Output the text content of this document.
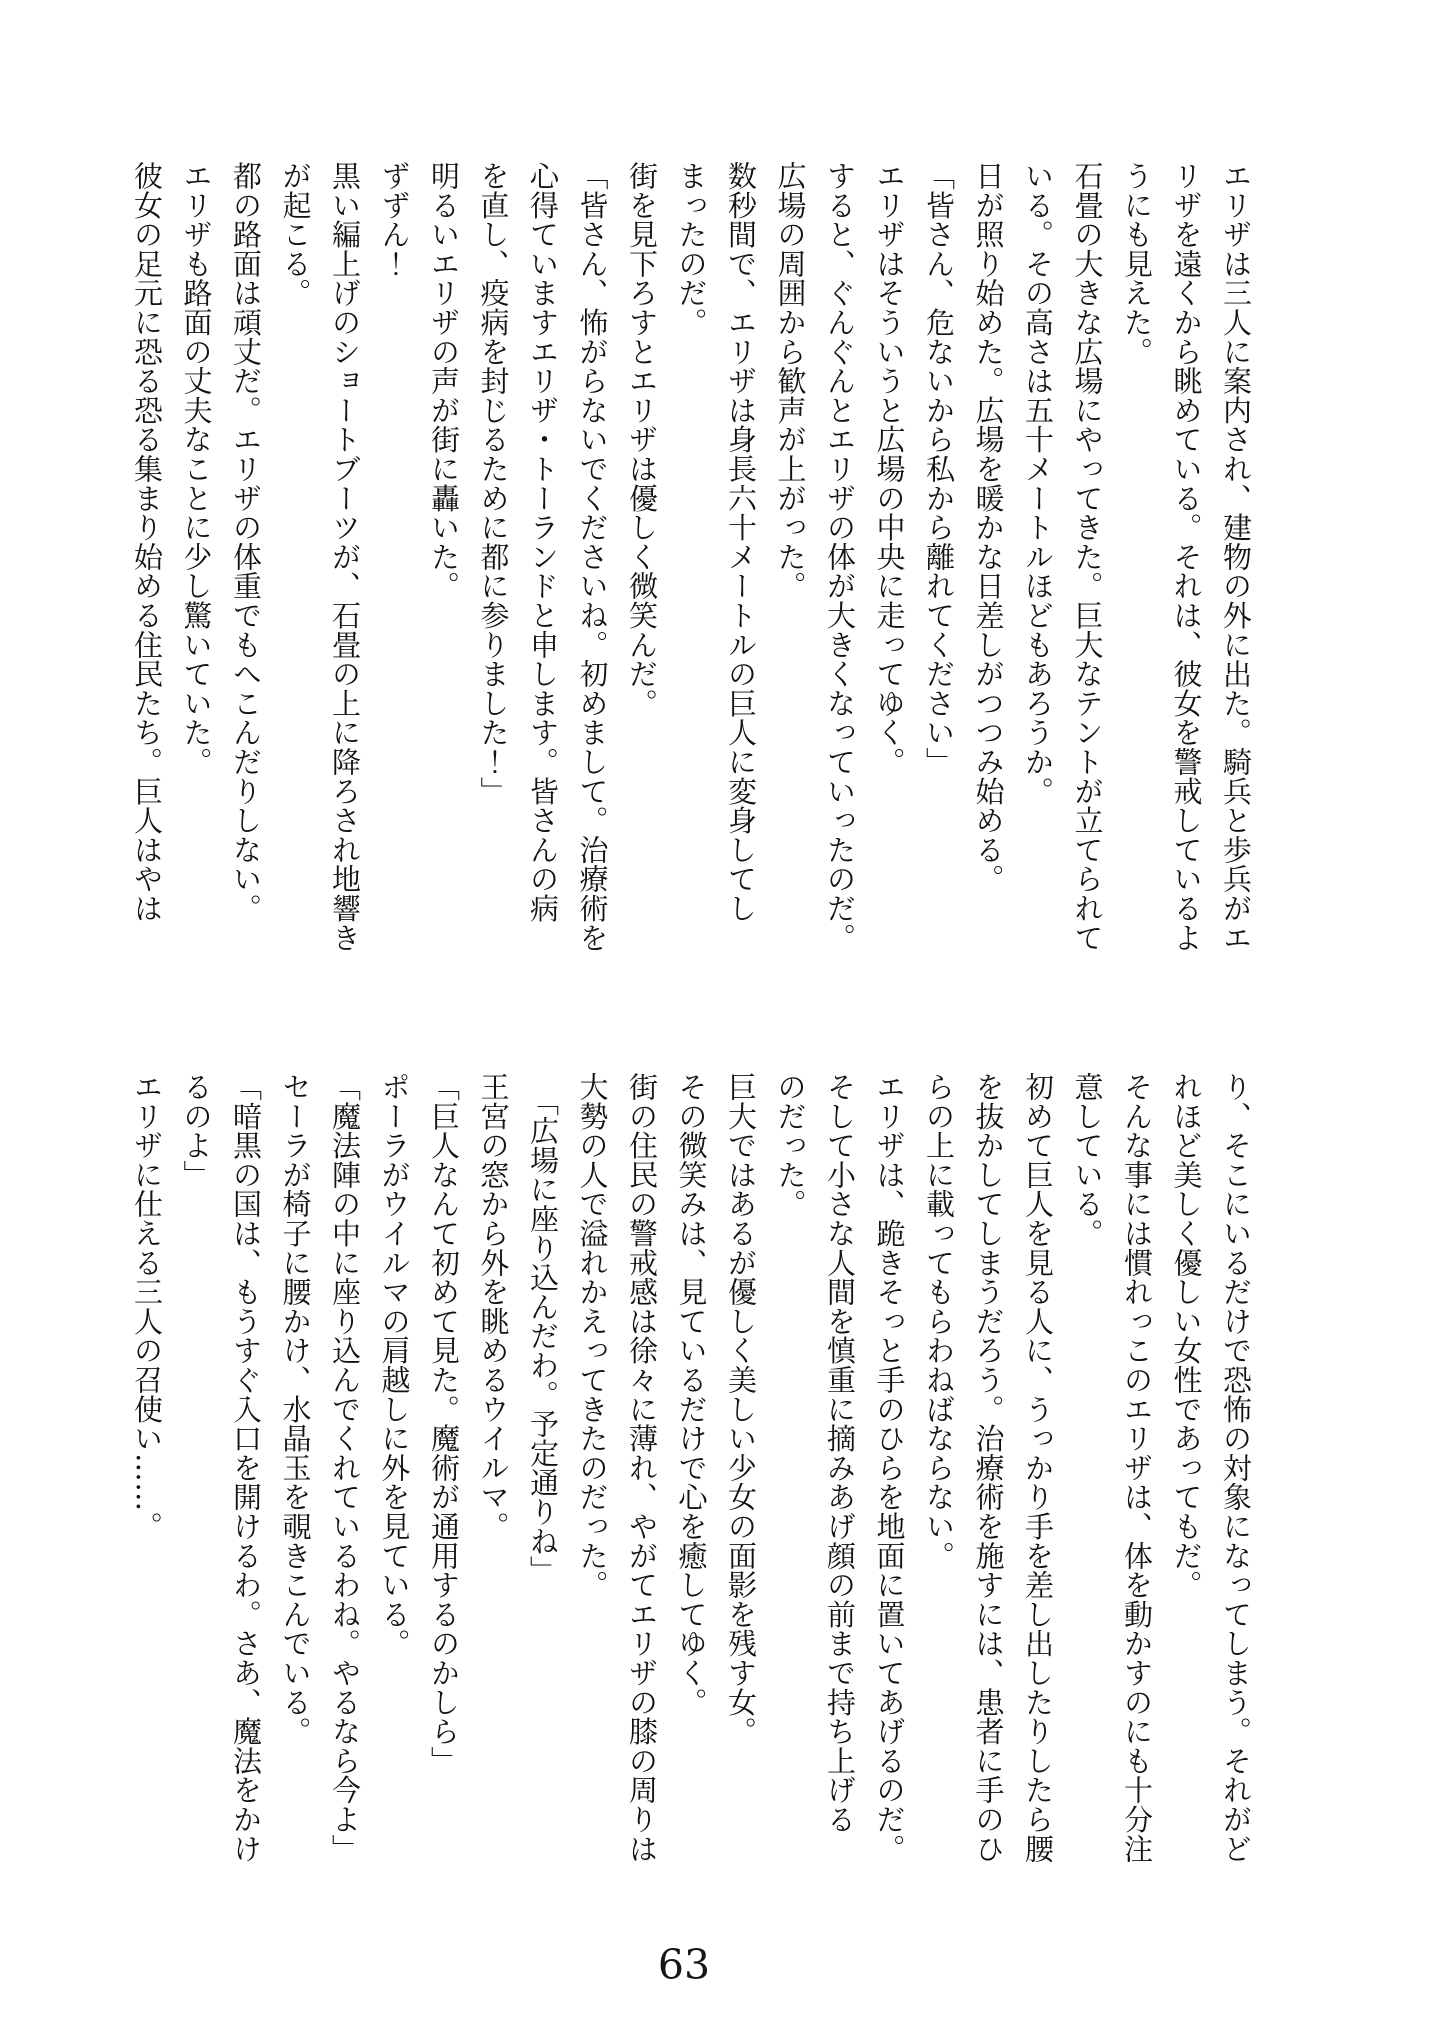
エリザは三人に案内され、建物の外に出た。騎兵と歩兵がエ
リザを遠くから眺めている。それは、彼女を警戒しているよ
うにも見えた。
石畳の大きな広場にやってきた。巨大なテントが立てられて
いる。その高さは五十メートルほどもあろうか。
日が照り始めた。広場を暖かな日差しがつつみ始める。
「皆さん、危ないから私から離れてください」
エリザはそういうと広場の中央に走ってゆく。
すると、ぐんぐんとエリザの体が大きくなっていったのだ。
広場の周囲から歓声が上がった。
数秒間で、エリザは身長六十メートルの巨人に変身してし
まったのだ。
街を見下ろすとエリザは優しく微笑んだ。
「皆さん、怖がらないでくださいね。初めまして。治療術を
心得ていますエリザ・トーランドと申します。皆さんの病
を直し、疫病を封じるために都に参りました！」
明るいエリザの声が街に轟いた。
ずずん！
黒い編上げのショートブーツが、石畳の上に降ろされ地響き
が起こる。
都の路面は頑丈だ。エリザの体重でもへこんだりしない。
エリザも路面の丈夫なことに少し驚いていた。
彼女の足元に恐る恐る集まり始める住民たち。巨人はやは
り、そこにいるだけで恐怖の対象になってしまう。それがど
れほど美しく優しい女性であってもだ。
そんな事には慣れっこのエリザは、体を動かすのにも十分注
意している。
初めて巨人を見る人に、うっかり手を差し出したりしたら腰
を抜かしてしまうだろう。治療術を施すには、患者に手のひ
らの上に載ってもらわねばならない。
エリザは、跪きそっと手のひらを地面に置いてあげるのだ。
そして小さな人間を慎重に摘みあげ顔の前まで持ち上げる
のだった。
巨大ではあるが優しく美しい少女の面影を残す女。
その微笑みは、見ているだけで心を癒してゆく。
街の住民の警戒感は徐々に薄れ、やがてエリザの膝の周りは
大勢の人で溢れかえってきたのだった。
　「広場に座り込んだわ。予定通りね」
王宮の窓から外を眺めるウイルマ。
「巨人なんて初めて見た。魔術が通用するのかしら」
ポーラがウイルマの肩越しに外を見ている。
「魔法陣の中に座り込んでくれているわね。やるなら今よ」
セーラが椅子に腰かけ、水晶玉を覗きこんでいる。
「暗黒の国は、もうすぐ入口を開けるわ。さあ、魔法をかけ
るのよ」
エリザに仕える三人の召使い……。
63
